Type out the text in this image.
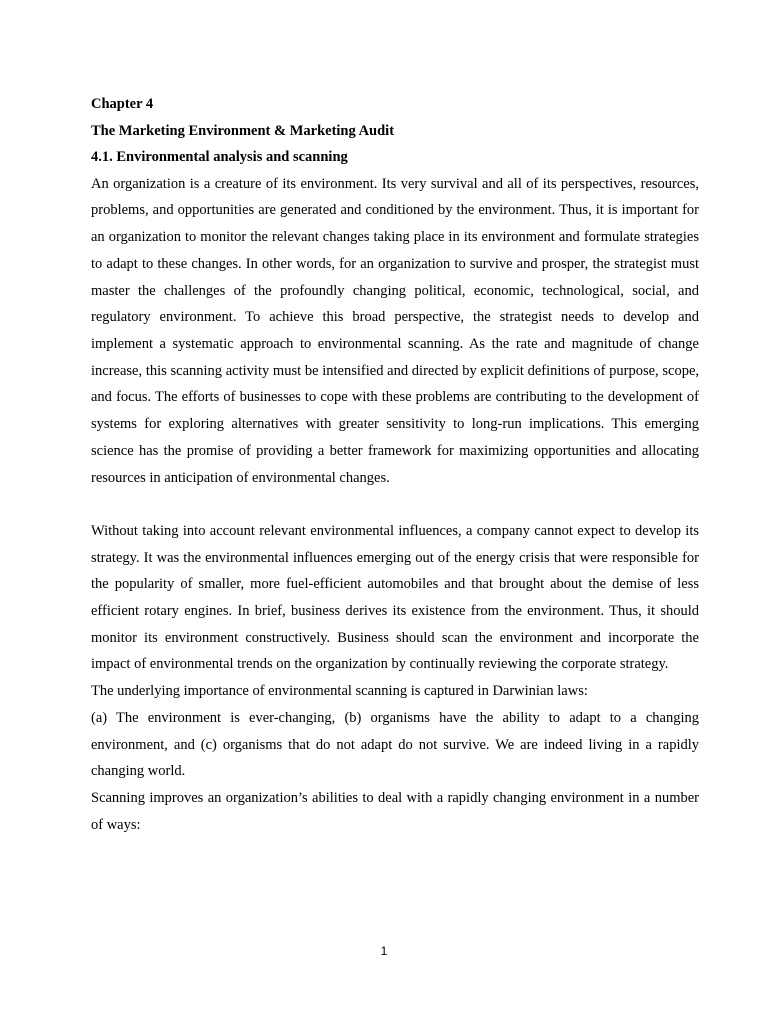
Chapter 4

The Marketing Environment & Marketing Audit

4.1. Environmental analysis and scanning

An organization is a creature of its environment. Its very survival and all of its perspectives, resources, problems, and opportunities are generated and conditioned by the environment. Thus, it is important for an organization to monitor the relevant changes taking place in its environment and formulate strategies to adapt to these changes. In other words, for an organization to survive and prosper, the strategist must master the challenges of the profoundly changing political, economic, technological, social, and regulatory environment. To achieve this broad perspective, the strategist needs to develop and implement a systematic approach to environmental scanning. As the rate and magnitude of change increase, this scanning activity must be intensified and directed by explicit definitions of purpose, scope, and focus. The efforts of businesses to cope with these problems are contributing to the development of systems for exploring alternatives with greater sensitivity to long-run implications. This emerging science has the promise of providing a better framework for maximizing opportunities and allocating resources in anticipation of environmental changes.

Without taking into account relevant environmental influences, a company cannot expect to develop its strategy. It was the environmental influences emerging out of the energy crisis that were responsible for the popularity of smaller, more fuel-efficient automobiles and that brought about the demise of less efficient rotary engines. In brief, business derives its existence from the environment. Thus, it should monitor its environment constructively. Business should scan the environment and incorporate the impact of environmental trends on the organization by continually reviewing the corporate strategy.

The underlying importance of environmental scanning is captured in Darwinian laws:

(a) The environment is ever-changing, (b) organisms have the ability to adapt to a changing environment, and (c) organisms that do not adapt do not survive. We are indeed living in a rapidly changing world.

Scanning improves an organization’s abilities to deal with a rapidly changing environment in a number of ways:

1
